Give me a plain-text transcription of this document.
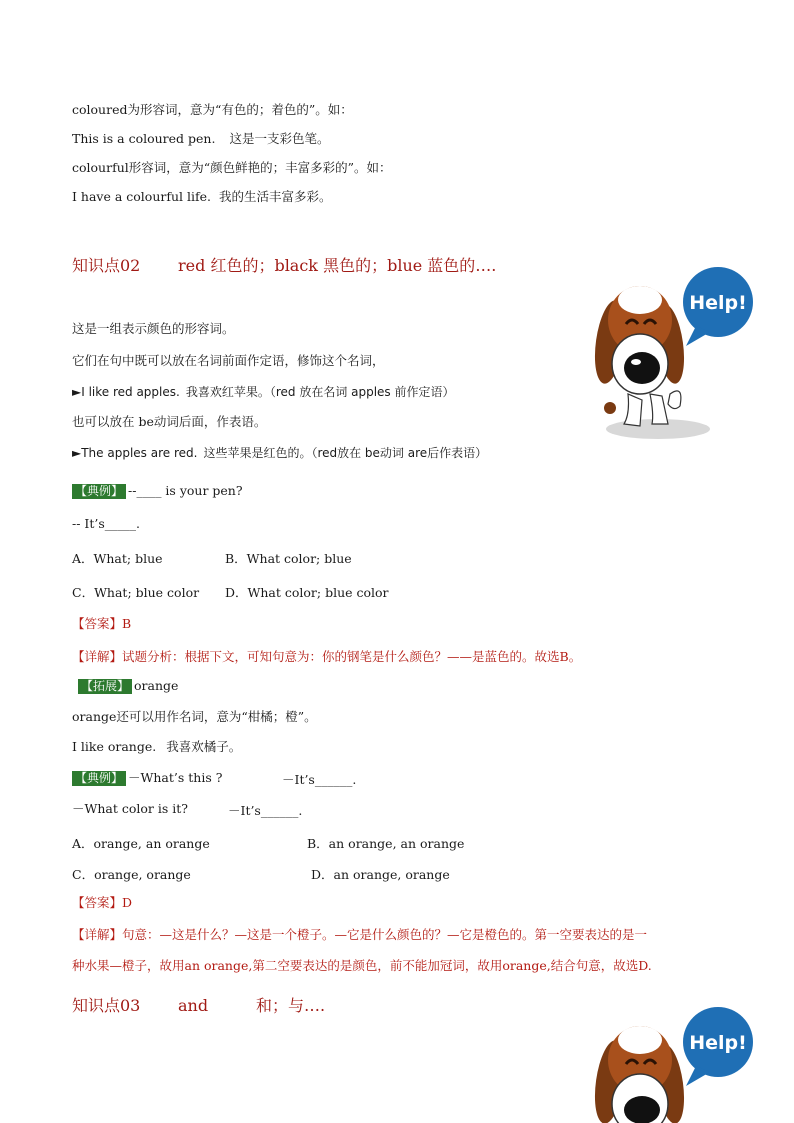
coloured为形容词，意为“有色的；着色的”。如：
This is a coloured pen. 这是一支彩色笔。
colourful形容词，意为“颜色鲜艳的；丰富多彩的”。如：
I have a colourful life. 我的生活丰富多彩。
知识点02 red 红色的；black 黑色的；blue 蓝色的….
Help!
这是一组表示颜色的形容词。
它们在句中既可以放在名词前面作定语，修饰这个名词，
►I like red apples. 我喜欢红苹果。（red 放在名词 apples 前作定语）
也可以放在 be动词后面，作表语。
►The apples are red. 这些苹果是红色的。（red放在 be动词 are后作表语）
【典例】 --____ is your pen?
-- It’s_____.
A．What; blue	B．What color; blue
C．What; blue color D．What color; blue color
【答案】B
【详解】试题分析：根据下文，可知句意为：你的钢笔是什么颜色？——是蓝色的。故选B。
【拓展】 orange
orange还可以用作名词，意为“柑橘；橙”。
I like orange. 我喜欢橘子。
【典例】 －What’s this ?	－It’s______.
－What color is it?	－It’s______.
A．orange, an orange	B．an orange, an orange
C．orange, orange	D．an orange, orange
【答案】D
【详解】句意：—这是什么？—这是一个橙子。—它是什么颜色的？—它是橙色的。第一空要表达的是一
种水果—橙子，故用an orange,第二空要表达的是颜色，前不能加冠词，故用orange,结合句意，故选D.
知识点03 and	和；与….
Help!
